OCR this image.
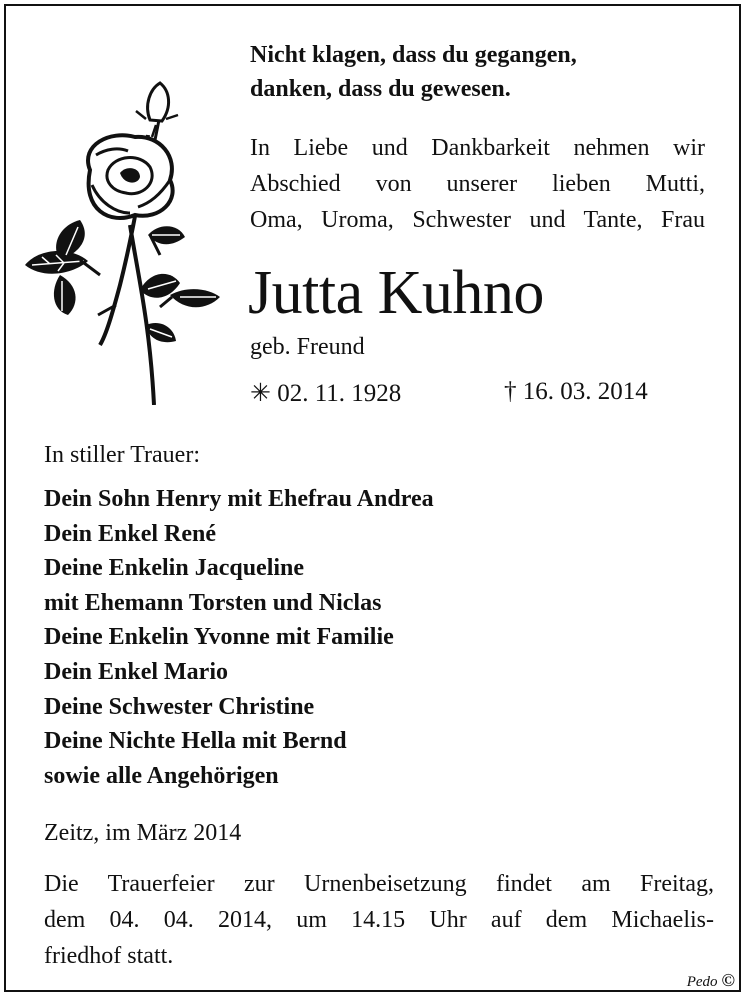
Nicht klagen, dass du gegangen,
danken, dass du gewesen.
In Liebe und Dankbarkeit nehmen wir
Abschied von unserer lieben Mutti,
Oma, Uroma, Schwester und Tante, Frau
Jutta Kuhno
geb. Freund
✳ 02. 11. 1928	† 16. 03. 2014
In stiller Trauer:
Dein Sohn Henry mit Ehefrau Andrea
Dein Enkel René
Deine Enkelin Jacqueline
mit Ehemann Torsten und Niclas
Deine Enkelin Yvonne mit Familie
Dein Enkel Mario
Deine Schwester Christine
Deine Nichte Hella mit Bernd
sowie alle Angehörigen
Zeitz, im März 2014
Die Trauerfeier zur Urnenbeisetzung findet am Freitag,
dem 04. 04. 2014, um 14.15 Uhr auf dem Michaelis-
friedhof statt.
Pedo ©
